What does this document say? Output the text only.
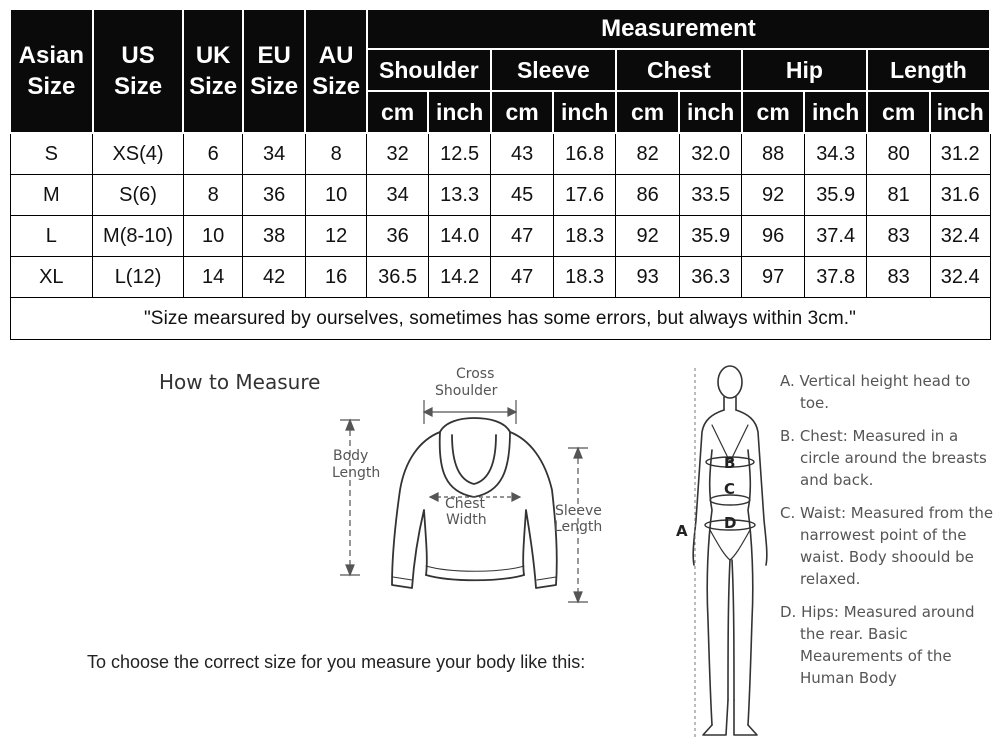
Asian
Size	US
Size	UK
Size	EU
Size	AU
Size	Measurement									
					Shoulder		Sleeve		Chest		Hip		Length	
					cm	inch	cm	inch	cm	inch	cm	inch	cm	inch
S	XS(4)	6	34	8	32	12.5	43	16.8	82	32.0	88	34.3	80	31.2
M	S(6)	8	36	10	34	13.3	45	17.6	86	33.5	92	35.9	81	31.6
L	M(8-10)	10	38	12	36	14.0	47	18.3	92	35.9	96	37.4	83	32.4
XL	L(12)	14	42	16	36.5	14.2	47	18.3	93	36.3	97	37.8	83	32.4
"Size mearsured by ourselves, sometimes has some errors, but always within 3cm."														
How to Measure	Cross
Shoulder
Body
Length
Chest
Width
Sleeve
Length
B
C
D
A
To choose the correct size for you measure your body like this:
A. Vertical height head to toe.
B. Chest: Measured in a circle around the breasts and back.
C. Waist: Measured from the narrowest point of the waist. Body shoould be relaxed.
D. Hips: Measured around the rear. Basic Meaurements of the Human Body
